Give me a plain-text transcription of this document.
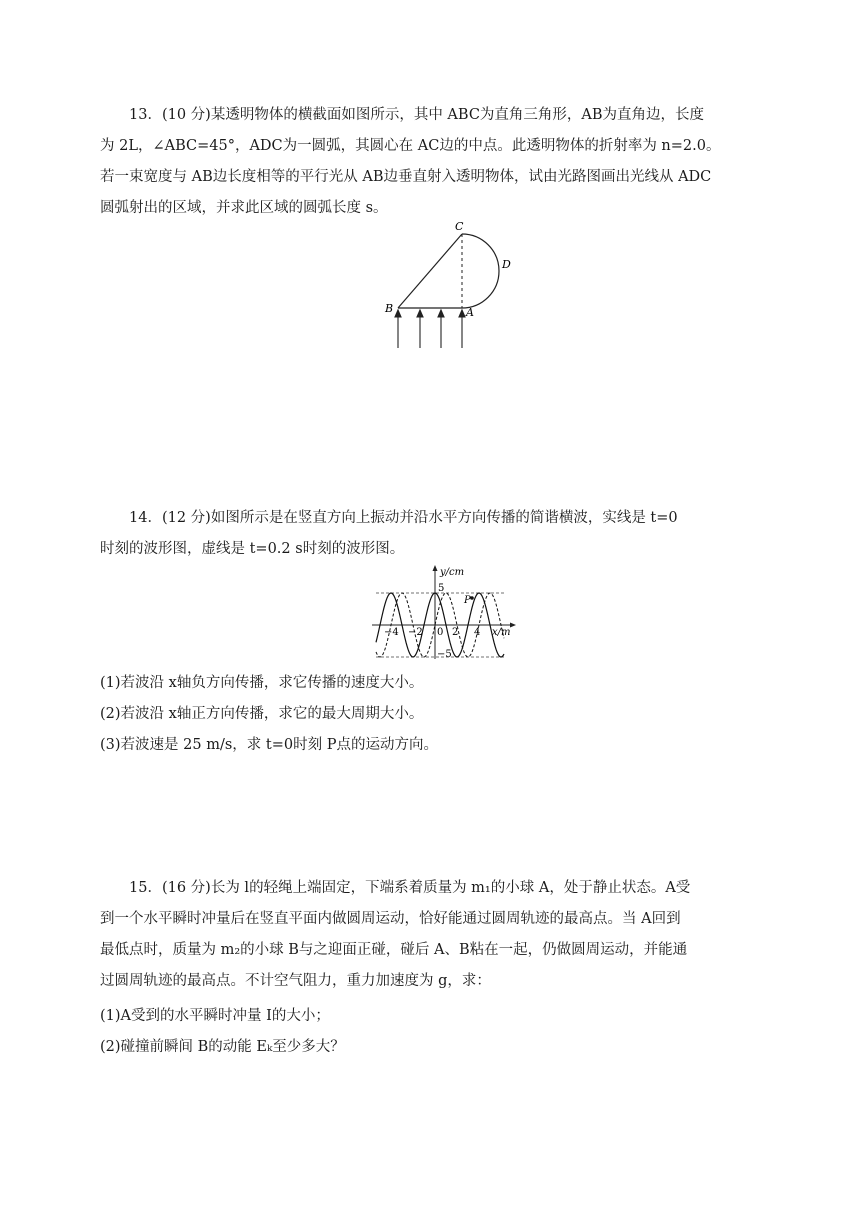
13．(10 分)某透明物体的横截面如图所示，其中 ABC为直角三角形，AB为直角边，长度

为 2L，∠ABC=45°，ADC为一圆弧，其圆心在 AC边的中点。此透明物体的折射率为 n=2.0。

若一束宽度与 AB边长度相等的平行光从 AB边垂直射入透明物体，试由光路图画出光线从 ADC

圆弧射出的区域，并求此区域的圆弧长度 s。

C
D
B	A

14．(12 分)如图所示是在竖直方向上振动并沿水平方向传播的简谐横波，实线是 t=0

时刻的波形图，虚线是 t=0.2 s时刻的波形图。

y/cm
x/m
5
−5
0
P
−4 −2	2 4

(1)若波沿 x轴负方向传播，求它传播的速度大小。

(2)若波沿 x轴正方向传播，求它的最大周期大小。

(3)若波速是 25 m/s，求 t=0时刻 P点的运动方向。

15．(16 分)长为 l的轻绳上端固定，下端系着质量为 m₁的小球 A，处于静止状态。A受

到一个水平瞬时冲量后在竖直平面内做圆周运动，恰好能通过圆周轨迹的最高点。当 A回到

最低点时，质量为 m₂的小球 B与之迎面正碰，碰后 A、B粘在一起，仍做圆周运动，并能通

过圆周轨迹的最高点。不计空气阻力，重力加速度为 g，求：

(1)A受到的水平瞬时冲量 I的大小；

(2)碰撞前瞬间 B的动能 Eₖ至少多大？
